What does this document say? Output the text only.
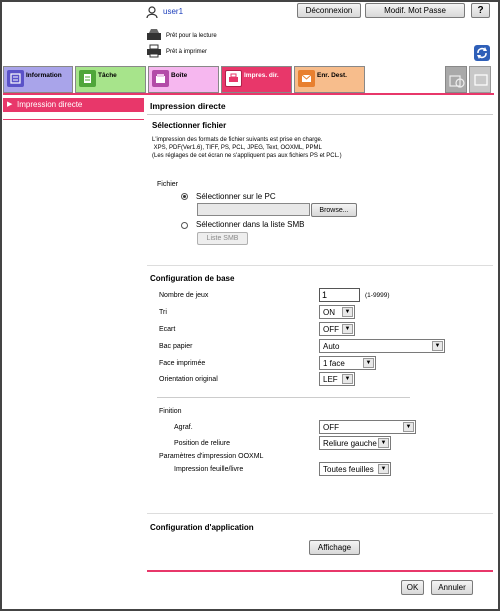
user1	Déconnexion	Modif. Mot Passe	?
Prêt pour la lecture
Prêt à imprimer
Information	Tâche	Boîte	Impres. dir.	Enr. Dest.
▶ Impression directe	Impression directe
Sélectionner fichier
L'impression des formats de fichier suivants est prise en charge.
XPS, PDF(Ver1.6), TIFF, PS, PCL, JPEG, Text, OOXML, PPML
(Les réglages de cet écran ne s'appliquent pas aux fichiers PS et PCL.)
Fichier
Sélectionner sur le PC
Browse...
Sélectionner dans la liste SMB
Liste SMB
Configuration de base
Nombre de jeux	1	(1-9999)
Tri	ON	▼
Ecart	OFF ▼
Bac papier	Auto	▼
Face imprimée	1 face	▼
Orientation original	LEF	▼
Finition
Agraf.	OFF	▼
Position de reliure	Reliure gauche ▼
Paramètres d'impression OOXML
Impression feuille/livre	Toutes feuilles	▼
Configuration d'application
Affichage
OK	Annuler
